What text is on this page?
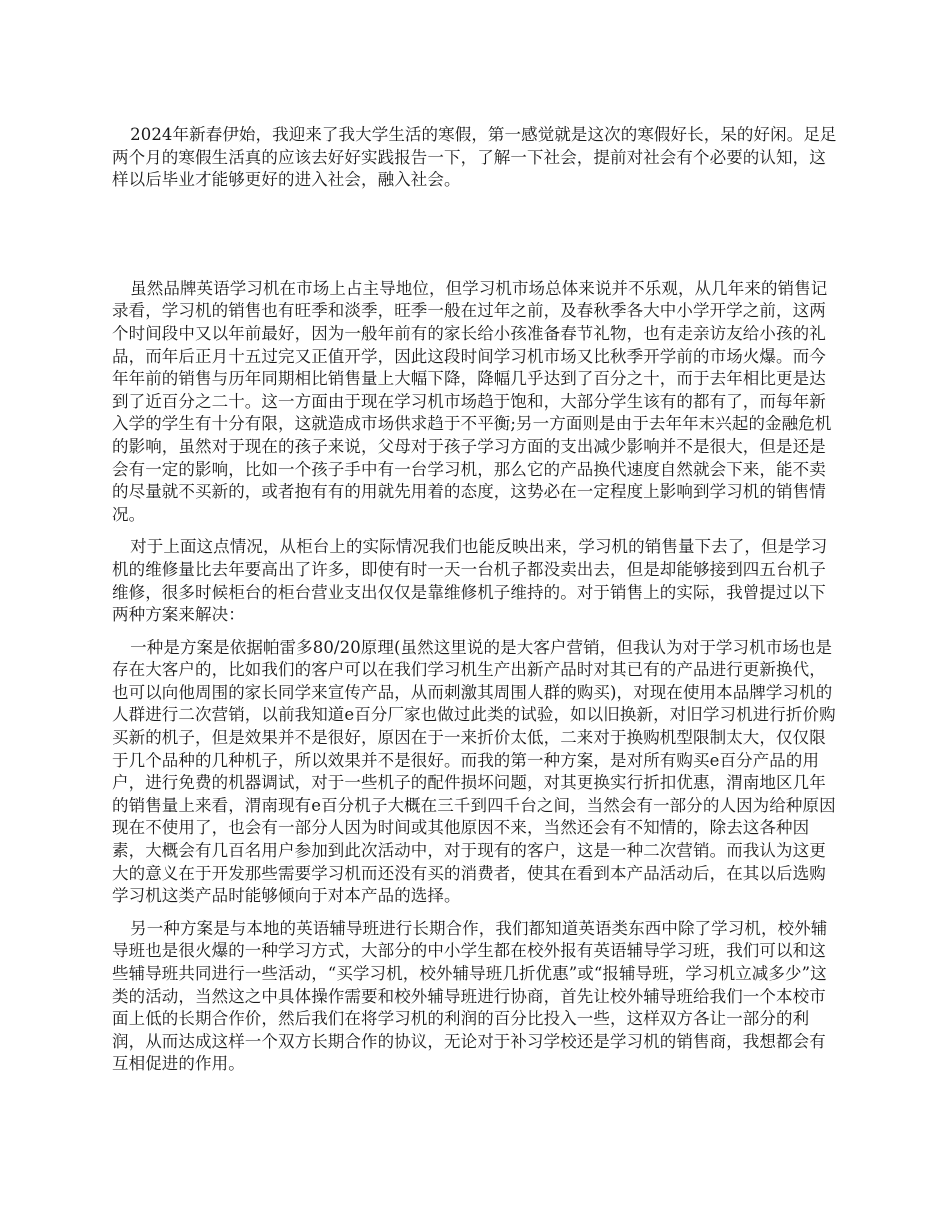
2024年新春伊始，我迎来了我大学生活的寒假，第一感觉就是这次的寒假好长，呆的好闲。足足两个月的寒假生活真的应该去好好实践报告一下，了解一下社会，提前对社会有个必要的认知，这样以后毕业才能够更好的进入社会，融入社会。

虽然品牌英语学习机在市场上占主导地位，但学习机市场总体来说并不乐观，从几年来的销售记录看，学习机的销售也有旺季和淡季，旺季一般在过年之前，及春秋季各大中小学开学之前，这两个时间段中又以年前最好，因为一般年前有的家长给小孩准备春节礼物，也有走亲访友给小孩的礼品，而年后正月十五过完又正值开学，因此这段时间学习机市场又比秋季开学前的市场火爆。而今年年前的销售与历年同期相比销售量上大幅下降，降幅几乎达到了百分之十，而于去年相比更是达到了近百分之二十。这一方面由于现在学习机市场趋于饱和，大部分学生该有的都有了，而每年新入学的学生有十分有限，这就造成市场供求趋于不平衡;另一方面则是由于去年年末兴起的金融危机的影响，虽然对于现在的孩子来说，父母对于孩子学习方面的支出减少影响并不是很大，但是还是会有一定的影响，比如一个孩子手中有一台学习机，那么它的产品换代速度自然就会下来，能不卖的尽量就不买新的，或者抱有有的用就先用着的态度，这势必在一定程度上影响到学习机的销售情况。

对于上面这点情况，从柜台上的实际情况我们也能反映出来，学习机的销售量下去了，但是学习机的维修量比去年要高出了许多，即使有时一天一台机子都没卖出去，但是却能够接到四五台机子维修，很多时候柜台的柜台营业支出仅仅是靠维修机子维持的。对于销售上的实际，我曾提过以下两种方案来解决：

一种是方案是依据帕雷多80/20原理(虽然这里说的是大客户营销，但我认为对于学习机市场也是存在大客户的，比如我们的客户可以在我们学习机生产出新产品时对其已有的产品进行更新换代，也可以向他周围的家长同学来宣传产品，从而刺激其周围人群的购买)，对现在使用本品牌学习机的人群进行二次营销，以前我知道e百分厂家也做过此类的试验，如以旧换新，对旧学习机进行折价购买新的机子，但是效果并不是很好，原因在于一来折价太低，二来对于换购机型限制太大，仅仅限于几个品种的几种机子，所以效果并不是很好。而我的第一种方案，是对所有购买e百分产品的用户，进行免费的机器调试，对于一些机子的配件损坏问题，对其更换实行折扣优惠，渭南地区几年的销售量上来看，渭南现有e百分机子大概在三千到四千台之间，当然会有一部分的人因为给种原因现在不使用了，也会有一部分人因为时间或其他原因不来，当然还会有不知情的，除去这各种因素，大概会有几百名用户参加到此次活动中，对于现有的客户，这是一种二次营销。而我认为这更大的意义在于开发那些需要学习机而还没有买的消费者，使其在看到本产品活动后，在其以后选购学习机这类产品时能够倾向于对本产品的选择。

另一种方案是与本地的英语辅导班进行长期合作，我们都知道英语类东西中除了学习机，校外辅导班也是很火爆的一种学习方式，大部分的中小学生都在校外报有英语辅导学习班，我们可以和这些辅导班共同进行一些活动，“买学习机，校外辅导班几折优惠”或“报辅导班，学习机立减多少”这类的活动，当然这之中具体操作需要和校外辅导班进行协商，首先让校外辅导班给我们一个本校市面上低的长期合作价，然后我们在将学习机的利润的百分比投入一些，这样双方各让一部分的利润，从而达成这样一个双方长期合作的协议，无论对于补习学校还是学习机的销售商，我想都会有互相促进的作用。
